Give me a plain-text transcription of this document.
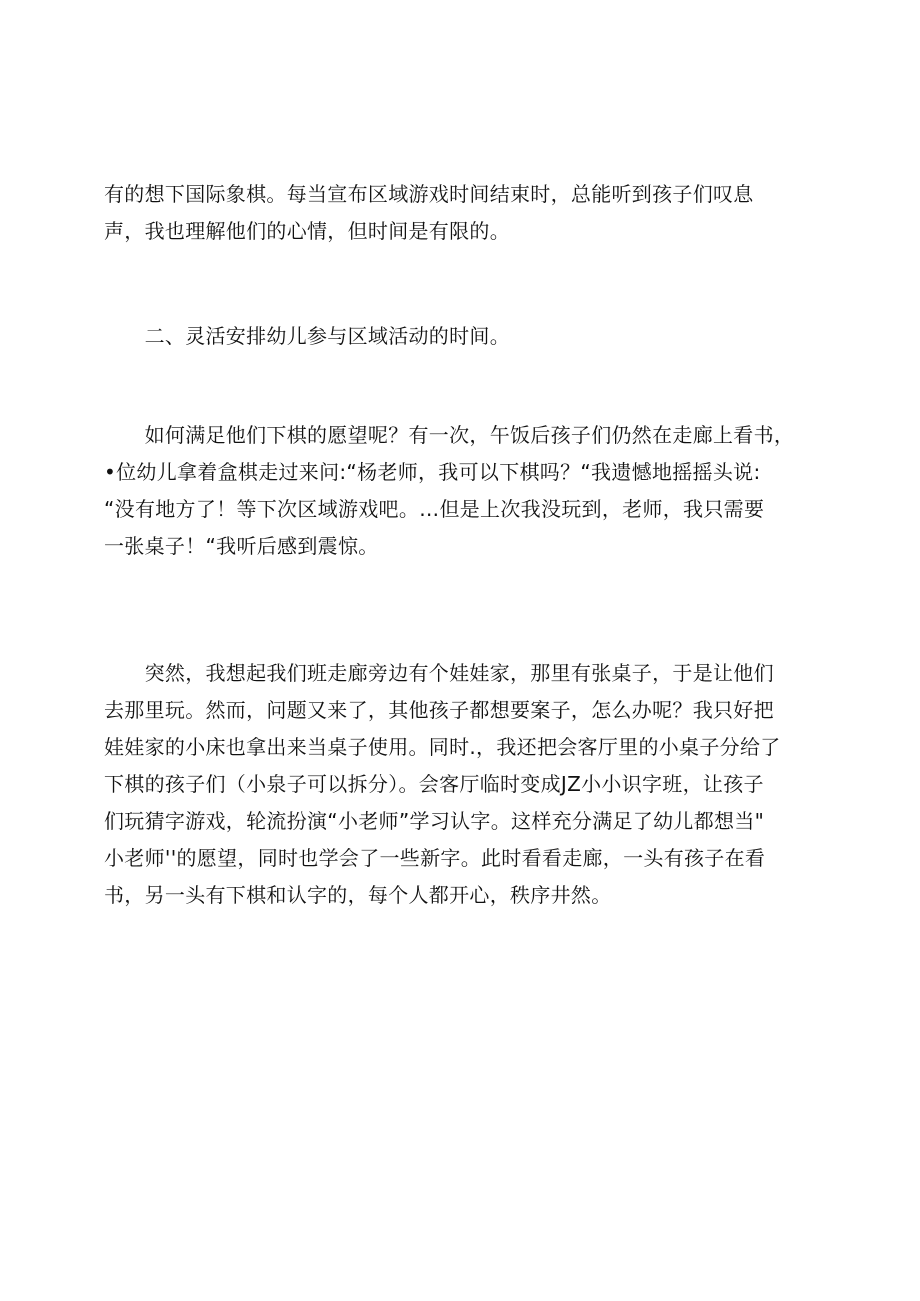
有的想下国际象棋。每当宣布区域游戏时间结束时，总能听到孩子们叹息
声，我也理解他们的心情，但时间是有限的。
　　二、灵活安排幼儿参与区域活动的时间。
　　如何满足他们下棋的愿望呢？有一次，午饭后孩子们仍然在走廊上看书，
•位幼儿拿着盒棋走过来问:“杨老师，我可以下棋吗？“我遗憾地摇摇头说:
“没有地方了！等下次区域游戏吧。…但是上次我没玩到，老师，我只需要
一张桌子！“我听后感到震惊。
　　突然，我想起我们班走廊旁边有个娃娃家，那里有张桌子，于是让他们
去那里玩。然而，问题又来了，其他孩子都想要案子，怎么办呢？我只好把
娃娃家的小床也拿出来当桌子使用。同时.，我还把会客厅里的小桌子分给了
下棋的孩子们（小泉子可以拆分）。会客厅临时变成JZ小小识字班，让孩子
们玩猜字游戏，轮流扮演“小老师”学习认字。这样充分满足了幼儿都想当"
小老师''的愿望，同时也学会了一些新字。此时看看走廊，一头有孩子在看
书，另一头有下棋和认字的，每个人都开心，秩序井然。
